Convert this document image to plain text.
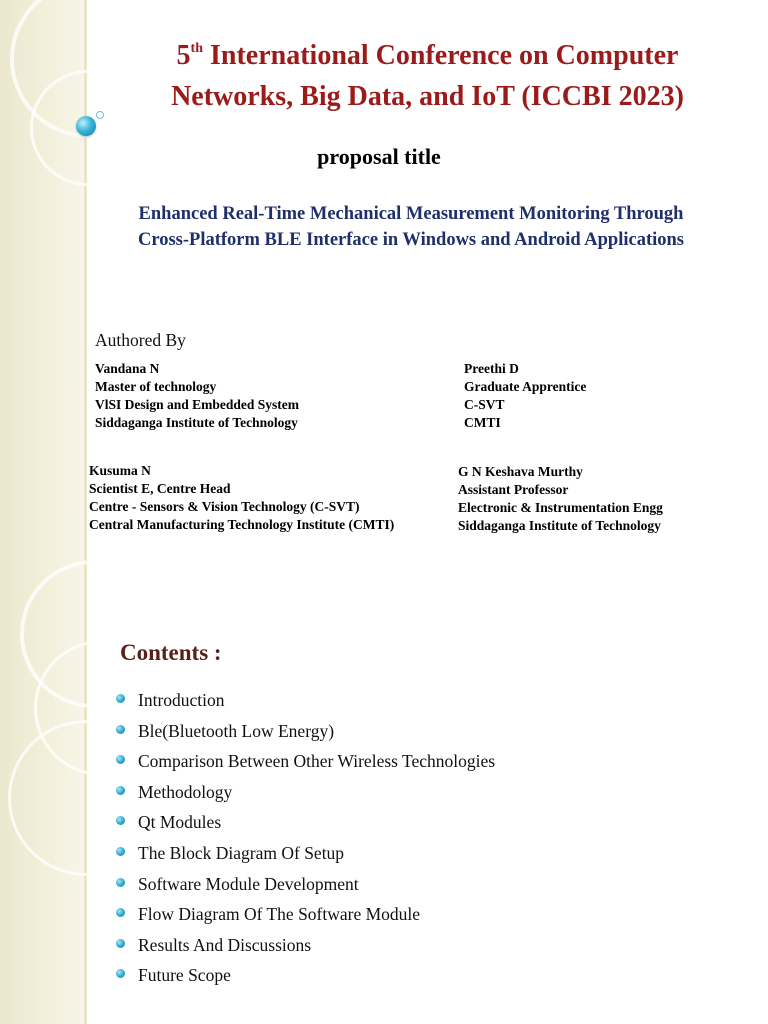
5th International Conference on Computer
Networks, Big Data, and IoT (ICCBI 2023)
proposal title
Enhanced Real-Time Mechanical Measurement Monitoring Through Cross-Platform BLE Interface in Windows and Android Applications
Authored By
Vandana N
Master of technology
VlSI Design and Embedded System
Siddaganga Institute of Technology
Preethi D
Graduate Apprentice
C-SVT
CMTI
Kusuma N
Scientist E, Centre Head
Centre - Sensors & Vision Technology (C-SVT)
Central Manufacturing Technology Institute (CMTI)
G N Keshava Murthy
Assistant Professor
Electronic & Instrumentation Engg
Siddaganga Institute of Technology
Contents :
Introduction
Ble(Bluetooth Low Energy)
Comparison Between Other Wireless Technologies
Methodology
Qt Modules
The Block Diagram Of Setup
Software Module Development
Flow Diagram Of The Software Module
Results And Discussions
Future Scope
